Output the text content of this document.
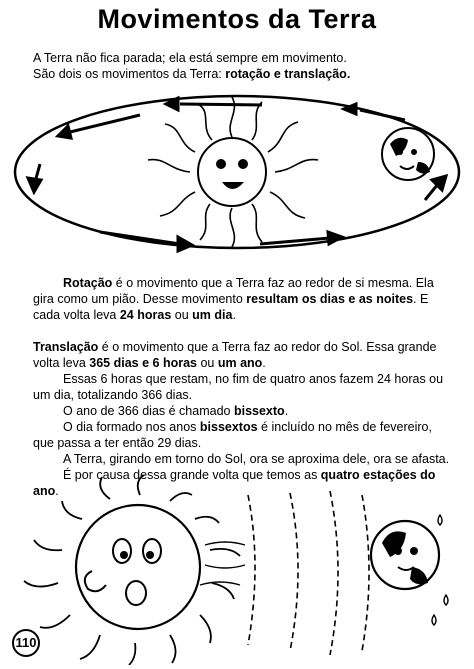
Movimentos da Terra

A Terra não fica parada; ela está sempre em movimento.

São dois os movimentos da Terra: rotação e translação.

Rotação é o movimento que a Terra faz ao redor de si mesma. Ela gira como um pião. Desse movimento resultam os dias e as noites. E cada volta leva 24 horas ou um dia.

Translação é o movimento que a Terra faz ao redor do Sol. Essa grande volta leva 365 dias e 6 horas ou um ano.

Essas 6 horas que restam, no fim de quatro anos fazem 24 horas ou um dia, totalizando 366 dias.

O ano de 366 dias é chamado bissexto.

O dia formado nos anos bissextos é incluído no mês de fevereiro, que passa a ter então 29 dias.

A Terra, girando em torno do Sol, ora se aproxima dele, ora se afasta.

É por causa dessa grande volta que temos as quatro estações do ano.

110
